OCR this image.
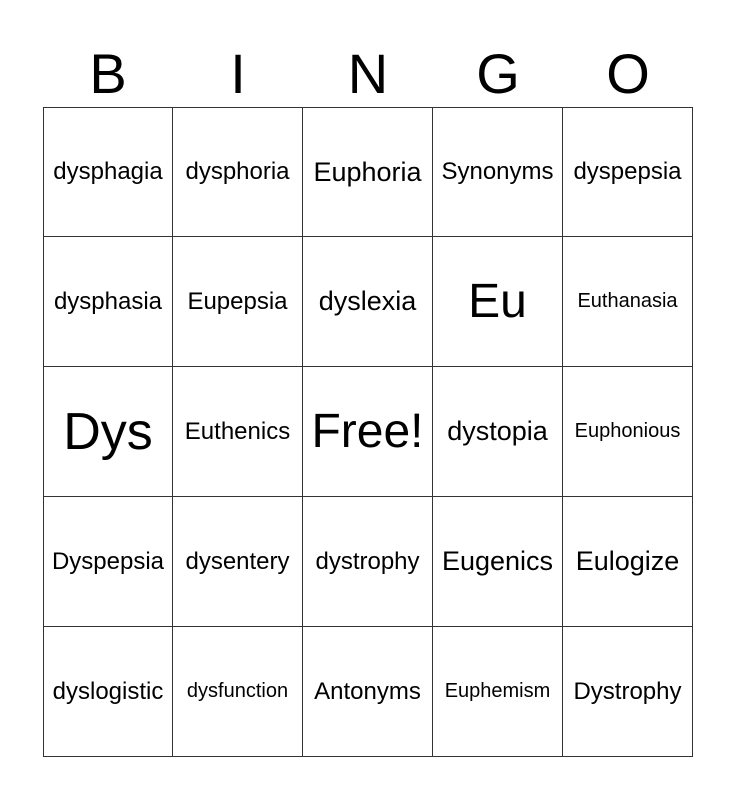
B	I	N	G	O
dysphagia dysphoria Euphoria Synonyms dyspepsia
dysphasia	Eupepsia	dyslexia	Eu	Euthanasia
Dys	Euthenics Free! dystopia	Euphonious
Dyspepsia dysentery	dystrophy Eugenics Eulogize
dyslogistic	dysfunction	Antonyms	Euphemism Dystrophy
